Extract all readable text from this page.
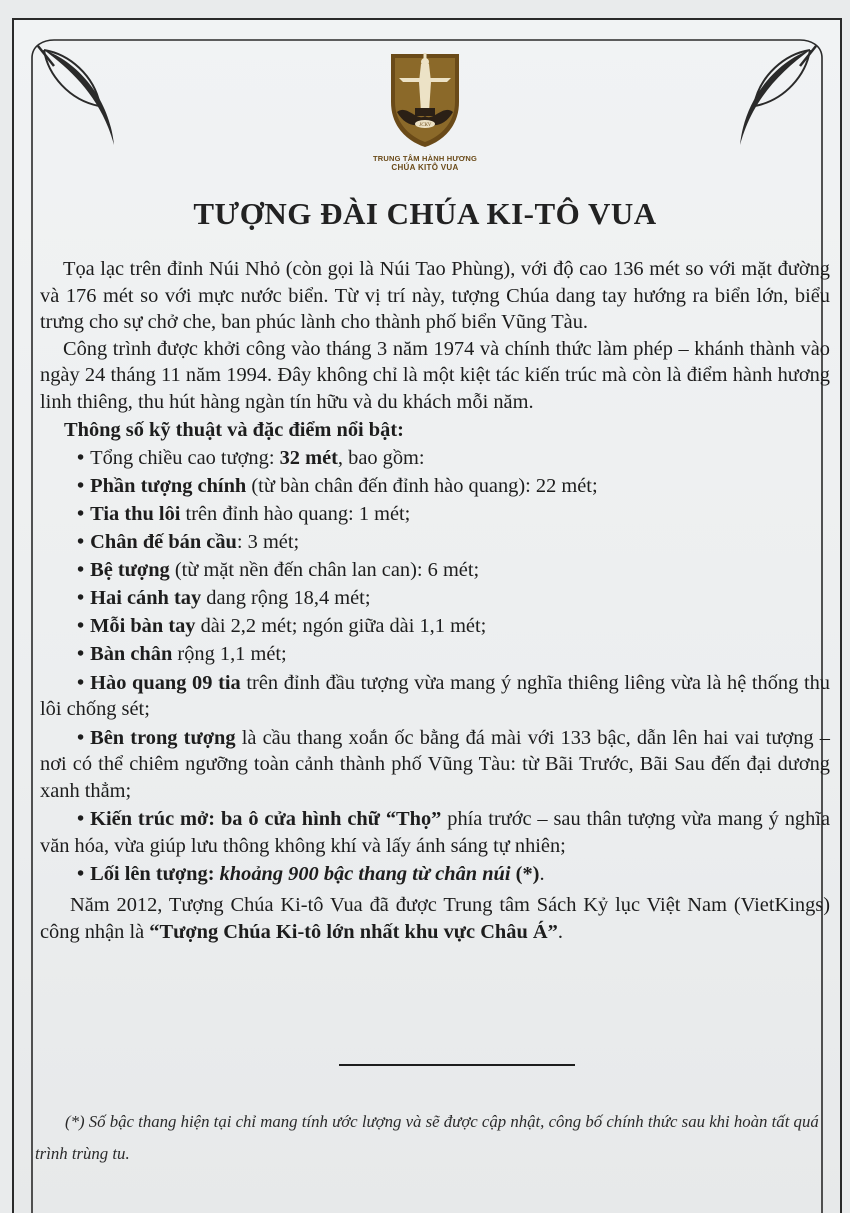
JCKV
TRUNG TÂM HÀNH HƯƠNG
CHÚA KITÔ VUA
TƯỢNG ĐÀI CHÚA KI-TÔ VUA

Tọa lạc trên đỉnh Núi Nhỏ (còn gọi là Núi Tao Phùng), với độ cao 136 mét so với mặt đường và 176 mét so với mực nước biển. Từ vị trí này, tượng Chúa dang tay hướng ra biển lớn, biểu trưng cho sự chở che, ban phúc lành cho thành phố biển Vũng Tàu.

Công trình được khởi công vào tháng 3 năm 1974 và chính thức làm phép – khánh thành vào ngày 24 tháng 11 năm 1994. Đây không chỉ là một kiệt tác kiến trúc mà còn là điểm hành hương linh thiêng, thu hút hàng ngàn tín hữu và du khách mỗi năm.

Thông số kỹ thuật và đặc điểm nổi bật:
• Tổng chiều cao tượng: 32 mét, bao gồm:
• Phần tượng chính (từ bàn chân đến đỉnh hào quang): 22 mét;
• Tia thu lôi trên đỉnh hào quang: 1 mét;
• Chân đế bán cầu: 3 mét;
• Bệ tượng (từ mặt nền đến chân lan can): 6 mét;
• Hai cánh tay dang rộng 18,4 mét;
• Mỗi bàn tay dài 2,2 mét; ngón giữa dài 1,1 mét;
• Bàn chân rộng 1,1 mét;
• Hào quang 09 tia trên đỉnh đầu tượng vừa mang ý nghĩa thiêng liêng vừa là hệ thống thu lôi chống sét;
• Bên trong tượng là cầu thang xoắn ốc bằng đá mài với 133 bậc, dẫn lên hai vai tượng – nơi có thể chiêm ngưỡng toàn cảnh thành phố Vũng Tàu: từ Bãi Trước, Bãi Sau đến đại dương xanh thẳm;
• Kiến trúc mở: ba ô cửa hình chữ “Thọ” phía trước – sau thân tượng vừa mang ý nghĩa văn hóa, vừa giúp lưu thông không khí và lấy ánh sáng tự nhiên;
• Lối lên tượng: khoảng 900 bậc thang từ chân núi (*).

Năm 2012, Tượng Chúa Ki-tô Vua đã được Trung tâm Sách Kỷ lục Việt Nam (VietKings) công nhận là “Tượng Chúa Ki-tô lớn nhất khu vực Châu Á”.

(*) Số bậc thang hiện tại chỉ mang tính ước lượng và sẽ được cập nhật, công bố chính thức sau khi hoàn tất quá trình trùng tu.
